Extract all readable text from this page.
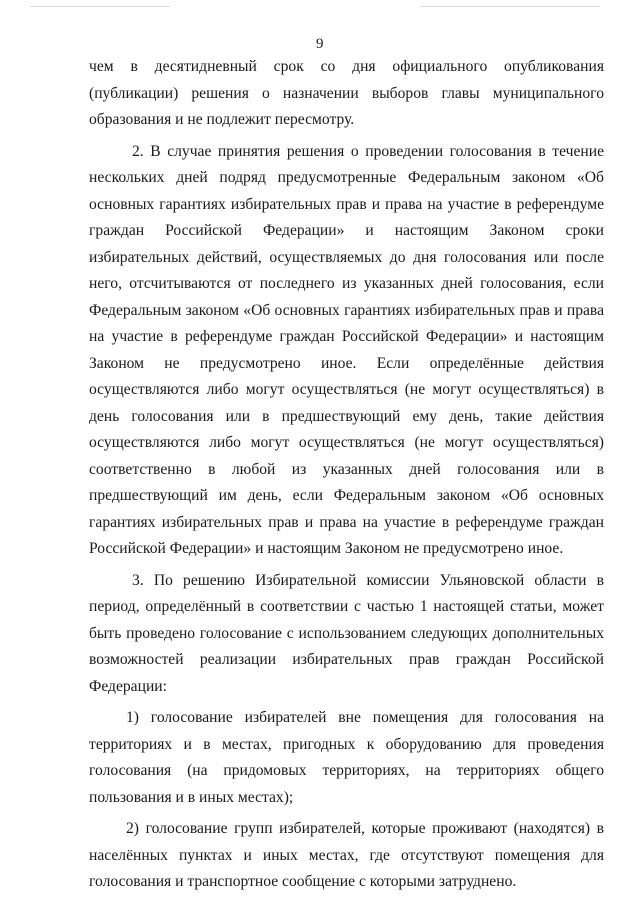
9

чем в десятидневный срок со дня официального опубликования (публикации) решения о назначении выборов главы муниципального образования и не подлежит пересмотру.

2. В случае принятия решения о проведении голосования в течение нескольких дней подряд предусмотренные Федеральным законом «Об основных гарантиях избирательных прав и права на участие в референдуме граждан Российской Федерации» и настоящим Законом сроки избирательных действий, осуществляемых до дня голосования или после него, отсчитываются от последнего из указанных дней голосования, если Федеральным законом «Об основных гарантиях избирательных прав и права на участие в референдуме граждан Российской Федерации» и настоящим Законом не предусмотрено иное. Если определённые действия осуществляются либо могут осуществляться (не могут осуществляться) в день голосования или в предшествующий ему день, такие действия осуществляются либо могут осуществляться (не могут осуществляться) соответственно в любой из указанных дней голосования или в предшествующий им день, если Федеральным законом «Об основных гарантиях избирательных прав и права на участие в референдуме граждан Российской Федерации» и настоящим Законом не предусмотрено иное.

3. По решению Избирательной комиссии Ульяновской области в период, определённый в соответствии с частью 1 настоящей статьи, может быть проведено голосование с использованием следующих дополнительных возможностей реализации избирательных прав граждан Российской Федерации:

1) голосование избирателей вне помещения для голосования на территориях и в местах, пригодных к оборудованию для проведения голосования (на придомовых территориях, на территориях общего пользования и в иных местах);

2) голосование групп избирателей, которые проживают (находятся) в населённых пунктах и иных местах, где отсутствуют помещения для голосования и транспортное сообщение с которыми затруднено.
